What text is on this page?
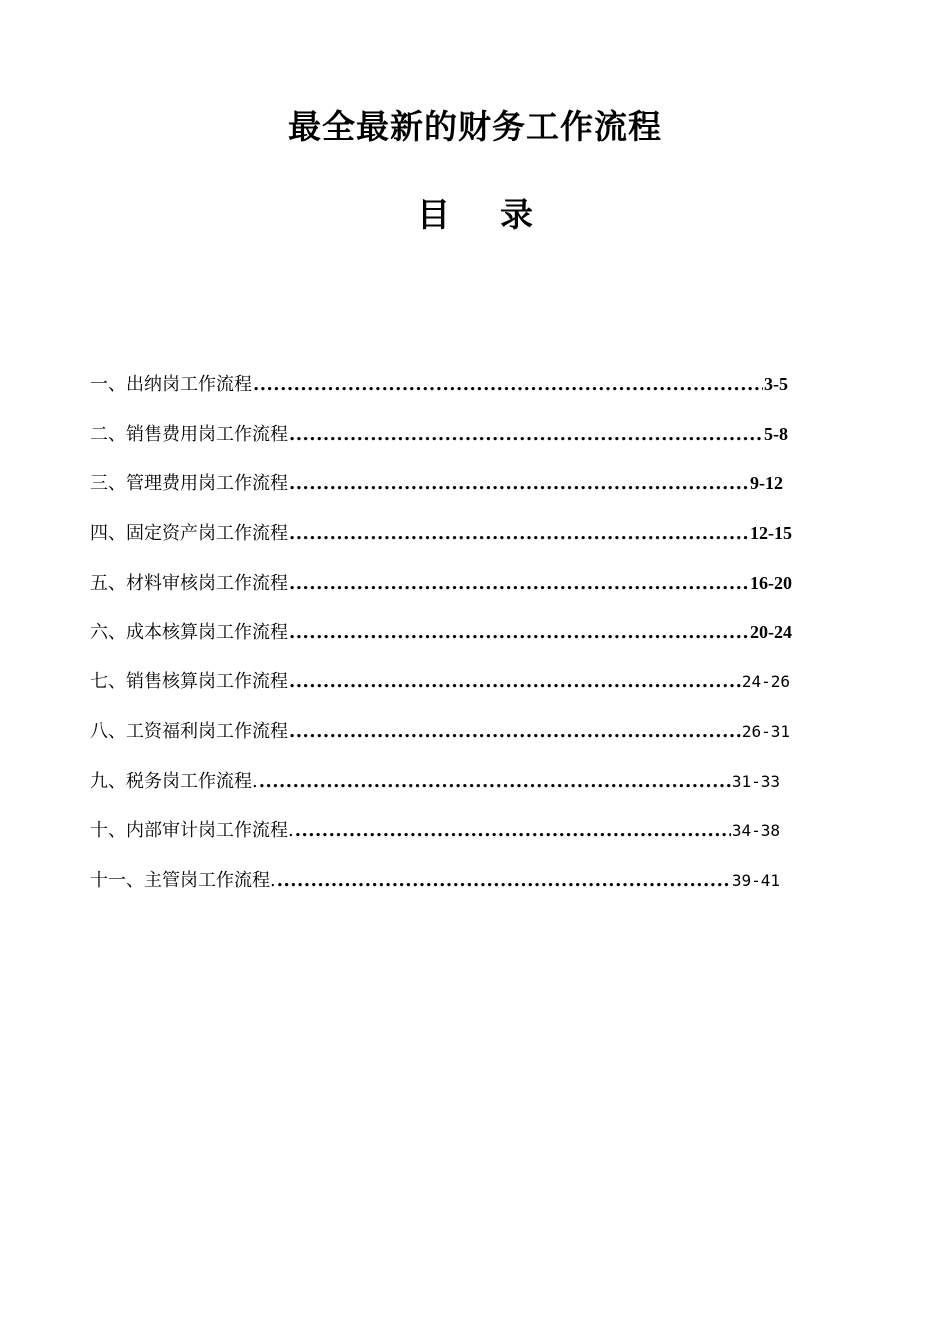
最全最新的财务工作流程
目 录
一、出纳岗工作流程 .....	3-5
二、销售费用岗工作流程 .....	5-8
三、管理费用岗工作流程 .....	9-12
四、固定资产岗工作流程 .....	12-15
五、材料审核岗工作流程 .....	16-20
六、成本核算岗工作流程 .....	20-24
七、销售核算岗工作流程 .....	24-26
八、工资福利岗工作流程 .....	26-31
九、税务岗工作流程. .....	31-33
十、内部审计岗工作流程. .....	34-38
十一、主管岗工作流程. .....	39-41
